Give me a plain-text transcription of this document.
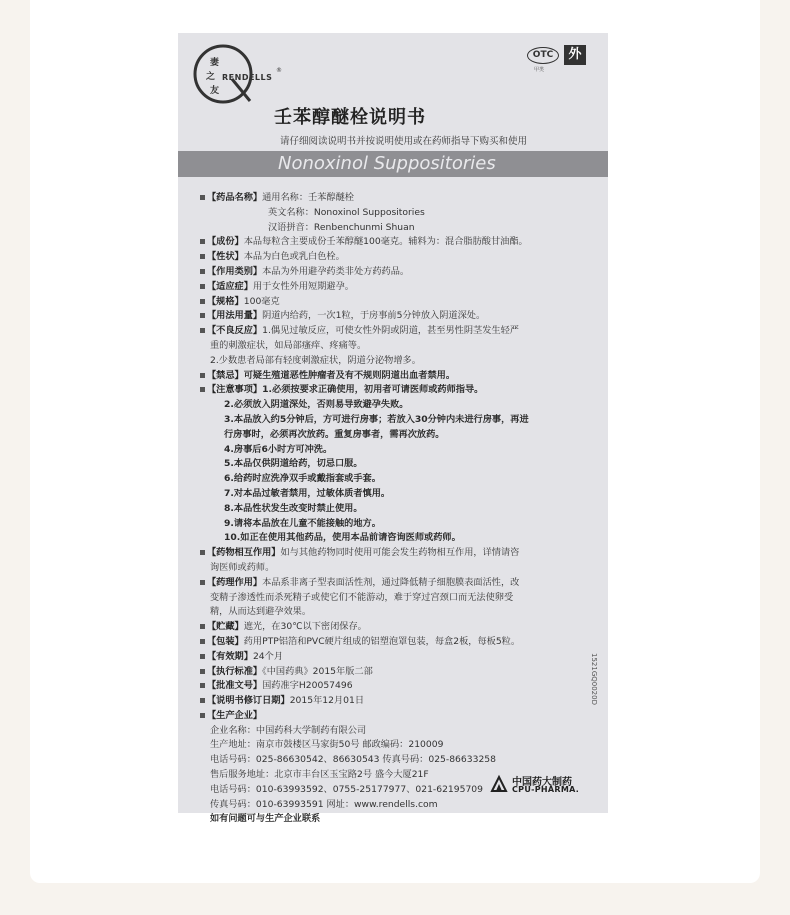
妻
之
友
RENDELLS
®
OTC
甲类
外
壬苯醇醚栓说明书
请仔细阅读说明书并按说明使用或在药师指导下购买和使用
Nonoxinol Suppositories
【药品名称】通用名称：壬苯醇醚栓
英文名称：Nonoxinol Suppositories
汉语拼音：Renbenchunmi Shuan
【成份】本品每粒含主要成份壬苯醇醚100毫克。辅料为：混合脂肪酸甘油酯。
【性状】本品为白色或乳白色栓。
【作用类别】本品为外用避孕药类非处方药药品。
【适应症】用于女性外用短期避孕。
【规格】100毫克
【用法用量】阴道内给药，一次1粒，于房事前5分钟放入阴道深处。
【不良反应】1.偶见过敏反应，可使女性外阴或阴道，甚至男性阴茎发生轻严
重的刺激症状，如局部瘙痒、疼痛等。
2.少数患者局部有轻度刺激症状，阴道分泌物增多。
【禁忌】可疑生殖道恶性肿瘤者及有不规则阴道出血者禁用。
【注意事项】1.必须按要求正确使用，初用者可请医师或药师指导。
2.必须放入阴道深处，否则易导致避孕失败。
3.本品放入约5分钟后，方可进行房事；若放入30分钟内未进行房事，再进
行房事时，必须再次放药。重复房事者，需再次放药。
4.房事后6小时方可冲洗。
5.本品仅供阴道给药，切忌口服。
6.给药时应洗净双手或戴指套或手套。
7.对本品过敏者禁用，过敏体质者慎用。
8.本品性状发生改变时禁止使用。
9.请将本品放在儿童不能接触的地方。
10.如正在使用其他药品，使用本品前请咨询医师或药师。
【药物相互作用】如与其他药物同时使用可能会发生药物相互作用，详情请咨
询医师或药师。
【药理作用】本品系非离子型表面活性剂，通过降低精子细胞膜表面活性，改
变精子渗透性而杀死精子或使它们不能游动，难于穿过宫颈口而无法使卵受
精，从而达到避孕效果。
【贮藏】遮光，在30℃以下密闭保存。
【包装】药用PTP铝箔和PVC硬片组成的铝塑泡罩包装，每盒2板，每板5粒。
【有效期】24个月
【执行标准】《中国药典》2015年版二部
【批准文号】国药准字H20057496
【说明书修订日期】2015年12月01日
【生产企业】
企业名称：中国药科大学制药有限公司
生产地址：南京市鼓楼区马家街50号 邮政编码：210009
电话号码：025-86630542、86630543 传真号码：025-86633258
售后服务地址：北京市丰台区玉宝路2号 盛今大厦21F
电话号码：010-63993592、0755-25177977、021-62195709
传真号码：010-63993591 网址：www.rendells.com
如有问题可与生产企业联系
1521GQ0020D
中国药大制药
CPU-PHARMA.
